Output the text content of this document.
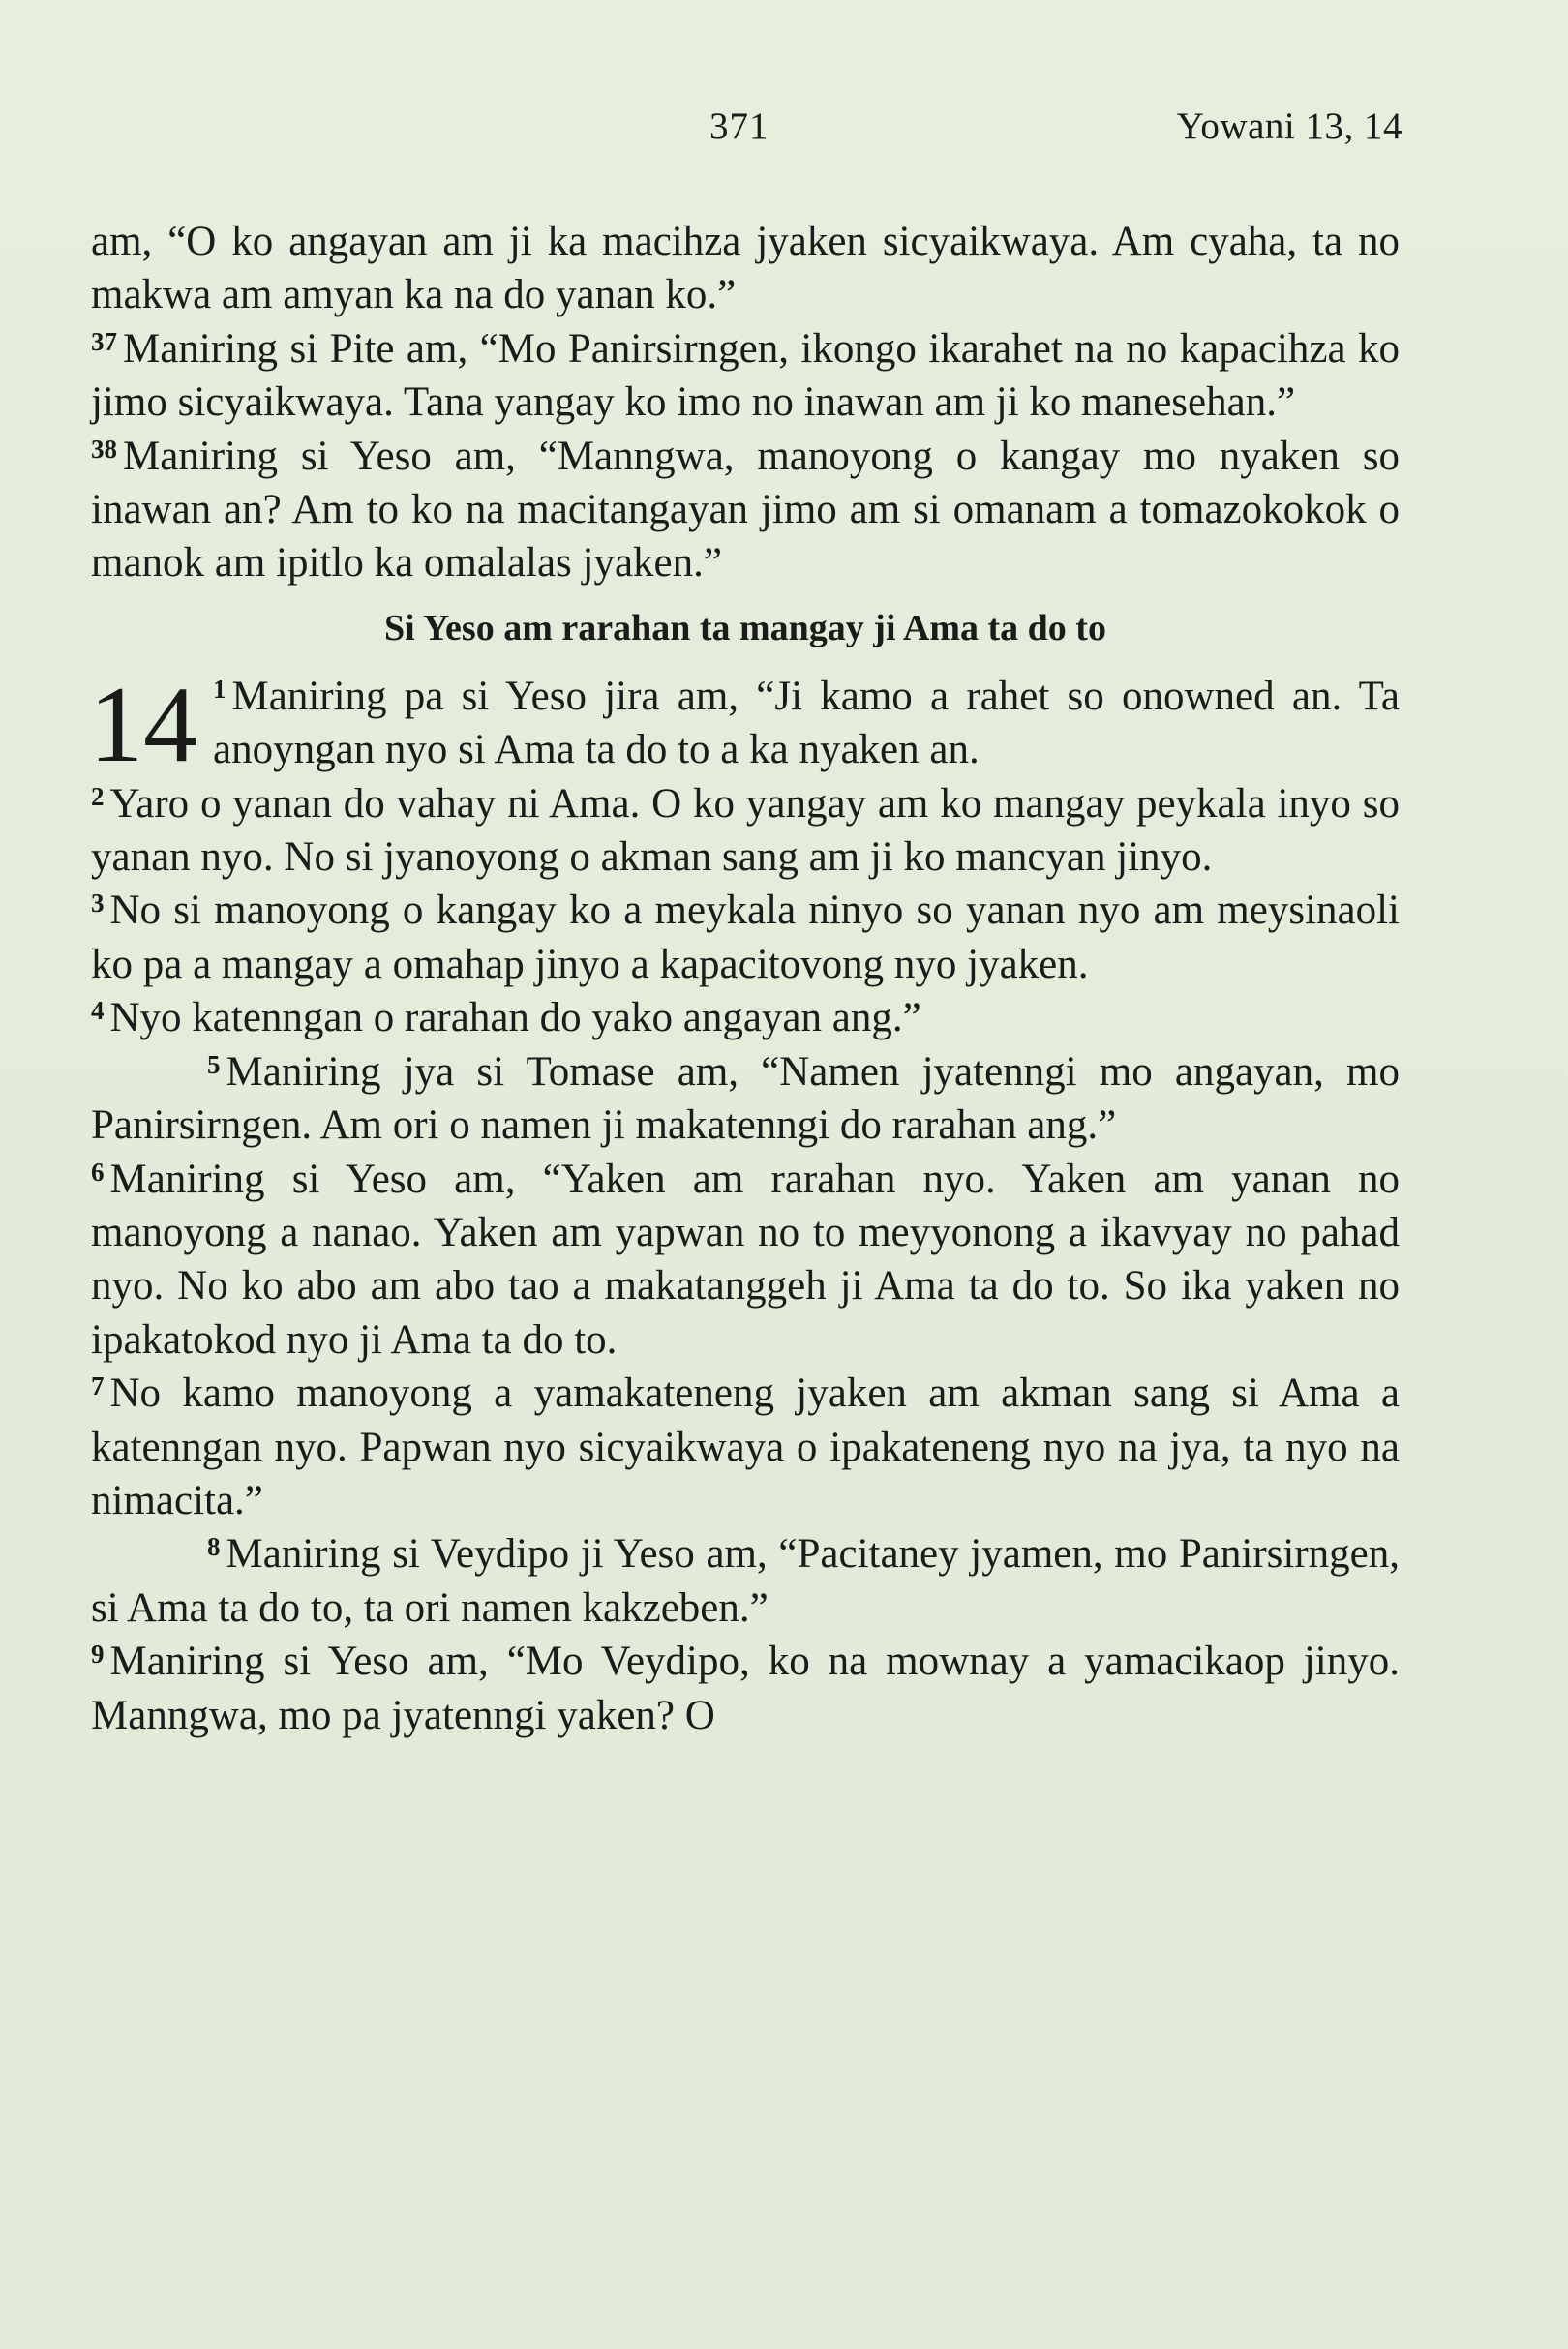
371	Yowani 13, 14

am, “O ko angayan am ji ka macihza jyaken sicyaikwaya. Am cyaha, ta no makwa am amyan ka na do yanan ko.”

$^{37}$ Maniring si Pite am, “Mo Panirsirngen, ikongo ikarahet na no kapacihza ko jimo sicyaikwaya. Tana yangay ko imo no inawan am ji ko manesehan.”

$^{38}$ Maniring si Yeso am, “Manngwa, manoyong o kangay mo nyaken so inawan an? Am to ko na macitangayan jimo am si omanam a tomazokokok o manok am ipitlo ka omalalas jyaken.”

Si Yeso am rarahan ta mangay ji Ama ta do to

14 $^1$ Maniring pa si Yeso jira am, “Ji kamo a rahet so onowned an. Ta anoyngan nyo si Ama ta do to a ka nyaken an.

$^2$ Yaro o yanan do vahay ni Ama. O ko yangay am ko mangay peykala inyo so yanan nyo. No si jyanoyong o akman sang am ji ko mancyan jinyo.

$^3$ No si manoyong o kangay ko a meykala ninyo so yanan nyo am meysinaoli ko pa a mangay a omahap jinyo a kapacitovong nyo jyaken.

$^4$ Nyo katenngan o rarahan do yako angayan ang.”

$^5$ Maniring jya si Tomase am, “Namen jyatenngi mo angayan, mo Panirsirngen. Am ori o namen ji makatenngi do rarahan ang.”

$^6$ Maniring si Yeso am, “Yaken am rarahan nyo. Yaken am yanan no manoyong a nanao. Yaken am yapwan no to meyyonong a ikavyay no pahad nyo. No ko abo am abo tao a makatanggeh ji Ama ta do to. So ika yaken no ipakatokod nyo ji Ama ta do to.

$^7$ No kamo manoyong a yamakateneng jyaken am akman sang si Ama a katenngan nyo. Papwan nyo sicyaikwaya o ipakateneng nyo na jya, ta nyo na nimacita.”

$^8$ Maniring si Veydipo ji Yeso am, “Pacitaney jyamen, mo Panirsirngen, si Ama ta do to, ta ori namen kakzeben.”

$^9$ Maniring si Yeso am, “Mo Veydipo, ko na mownay a yamacikaop jinyo. Manngwa, mo pa jyatenngi yaken? O
